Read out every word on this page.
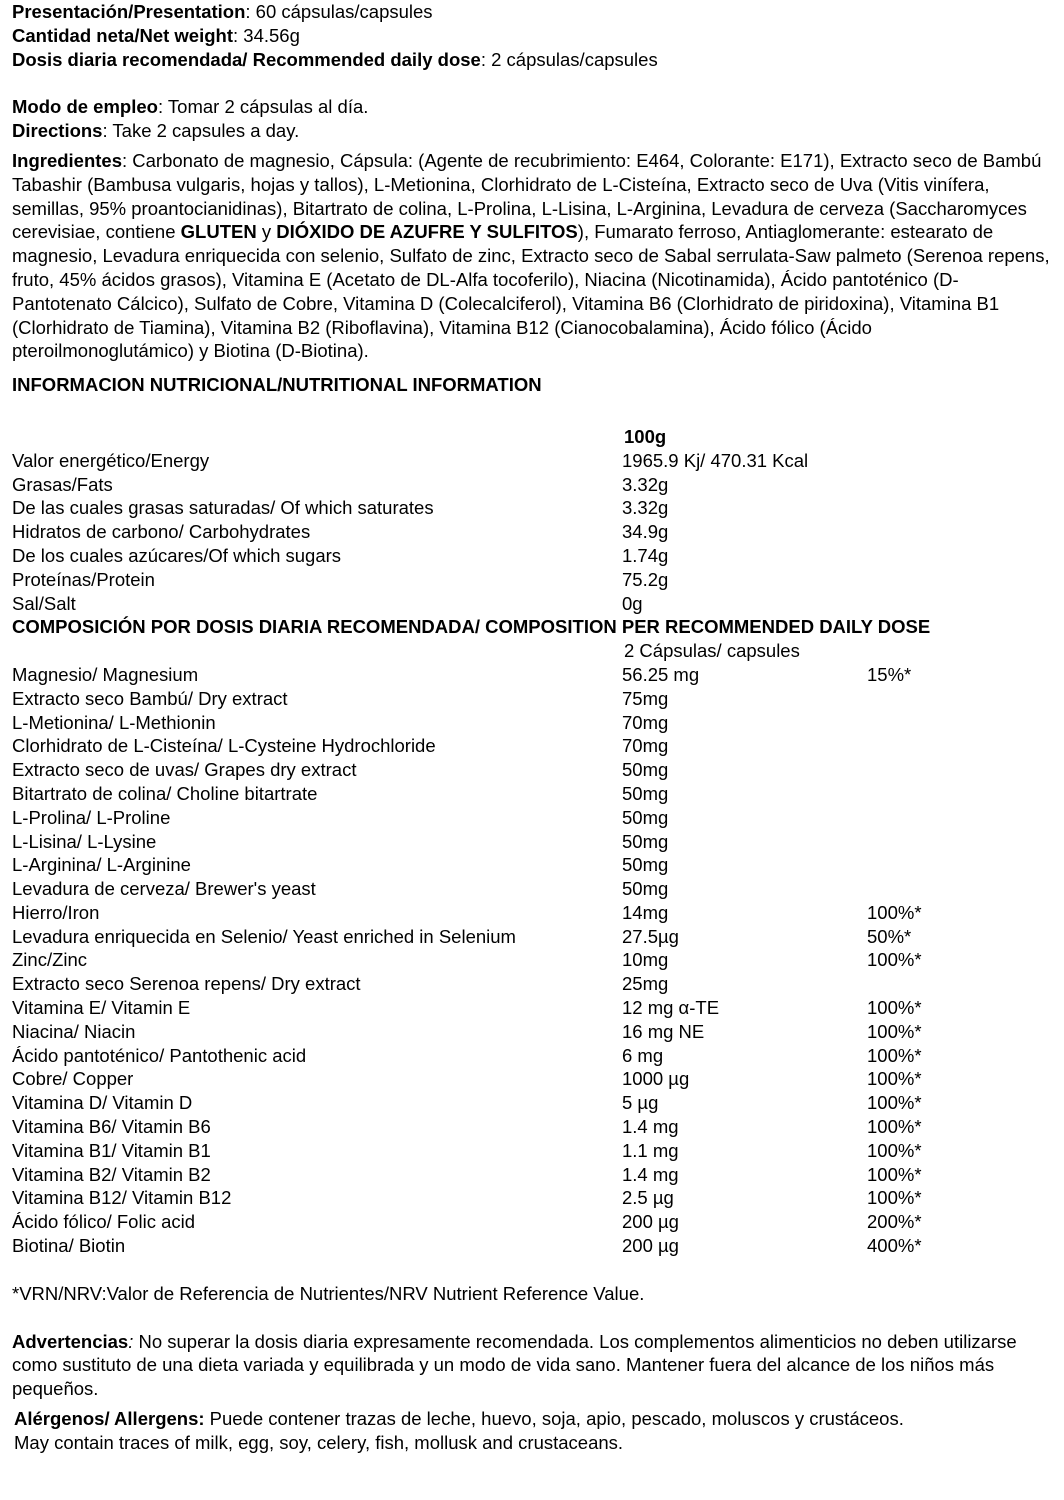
Presentación/Presentation: 60 cápsulas/capsules

Cantidad neta/Net weight: 34.56g

Dosis diaria recomendada/ Recommended daily dose: 2 cápsulas/capsules

Modo de empleo: Tomar 2 cápsulas al día.

Directions: Take 2 capsules a day.

Ingredientes: Carbonato de magnesio, Cápsula: (Agente de recubrimiento: E464, Colorante: E171), Extracto seco de Bambú Tabashir (Bambusa vulgaris, hojas y tallos), L-Metionina, Clorhidrato de L-Cisteína, Extracto seco de Uva (Vitis vinífera, semillas, 95% proantocianidinas), Bitartrato de colina, L-Prolina, L-Lisina, L-Arginina, Levadura de cerveza (Saccharomyces cerevisiae, contiene GLUTEN y DIÓXIDO DE AZUFRE Y SULFITOS), Fumarato ferroso, Antiaglomerante: estearato de magnesio, Levadura enriquecida con selenio, Sulfato de zinc, Extracto seco de Sabal serrulata-Saw palmeto (Serenoa repens, fruto, 45% ácidos grasos), Vitamina E (Acetato de DL-Alfa tocoferilo), Niacina (Nicotinamida), Ácido pantoténico (D-Pantotenato Cálcico), Sulfato de Cobre, Vitamina D (Colecalciferol), Vitamina B6 (Clorhidrato de piridoxina), Vitamina B1 (Clorhidrato de Tiamina), Vitamina B2 (Riboflavina), Vitamina B12 (Cianocobalamina), Ácido fólico (Ácido pteroilmonoglutámico) y Biotina (D-Biotina).

INFORMACION NUTRICIONAL/NUTRITIONAL INFORMATION

100g
Valor energético/Energy	1965.9 Kj/ 470.31 Kcal
Grasas/Fats	3.32g
De las cuales grasas saturadas/ Of which saturates	3.32g
Hidratos de carbono/ Carbohydrates	34.9g
De los cuales azúcares/Of which sugars	1.74g
Proteínas/Protein	75.2g
Sal/Salt	0g
COMPOSICIÓN POR DOSIS DIARIA RECOMENDADA/ COMPOSITION PER RECOMMENDED DAILY DOSE
2 Cápsulas/ capsules
Magnesio/ Magnesium	56.25 mg	15%*
Extracto seco Bambú/ Dry extract	75mg
L-Metionina/ L-Methionin	70mg
Clorhidrato de L-Cisteína/ L-Cysteine Hydrochloride	70mg
Extracto seco de uvas/ Grapes dry extract	50mg
Bitartrato de colina/ Choline bitartrate	50mg
L-Prolina/ L-Proline	50mg
L-Lisina/ L-Lysine	50mg
L-Arginina/ L-Arginine	50mg
Levadura de cerveza/ Brewer's yeast	50mg
Hierro/Iron	14mg	100%*
Levadura enriquecida en Selenio/ Yeast enriched in Selenium	27.5µg	50%*
Zinc/Zinc	10mg	100%*
Extracto seco Serenoa repens/ Dry extract	25mg
Vitamina E/ Vitamin E	12 mg α-TE	100%*
Niacina/ Niacin	16 mg NE	100%*
Ácido pantoténico/ Pantothenic acid	6 mg	100%*
Cobre/ Copper	1000 µg	100%*
Vitamina D/ Vitamin D	5 µg	100%*
Vitamina B6/ Vitamin B6	1.4 mg	100%*
Vitamina B1/ Vitamin B1	1.1 mg	100%*
Vitamina B2/ Vitamin B2	1.4 mg	100%*
Vitamina B12/ Vitamin B12	2.5 µg	100%*
Ácido fólico/ Folic acid	200 µg	200%*
Biotina/ Biotin	200 µg	400%*

*VRN/NRV:Valor de Referencia de Nutrientes/NRV Nutrient Reference Value.

Advertencias: No superar la dosis diaria expresamente recomendada. Los complementos alimenticios no deben utilizarse como sustituto de una dieta variada y equilibrada y un modo de vida sano. Mantener fuera del alcance de los niños más pequeños.

Alérgenos/ Allergens: Puede contener trazas de leche, huevo, soja, apio, pescado, moluscos y crustáceos.

May contain traces of milk, egg, soy, celery, fish, mollusk and crustaceans.
